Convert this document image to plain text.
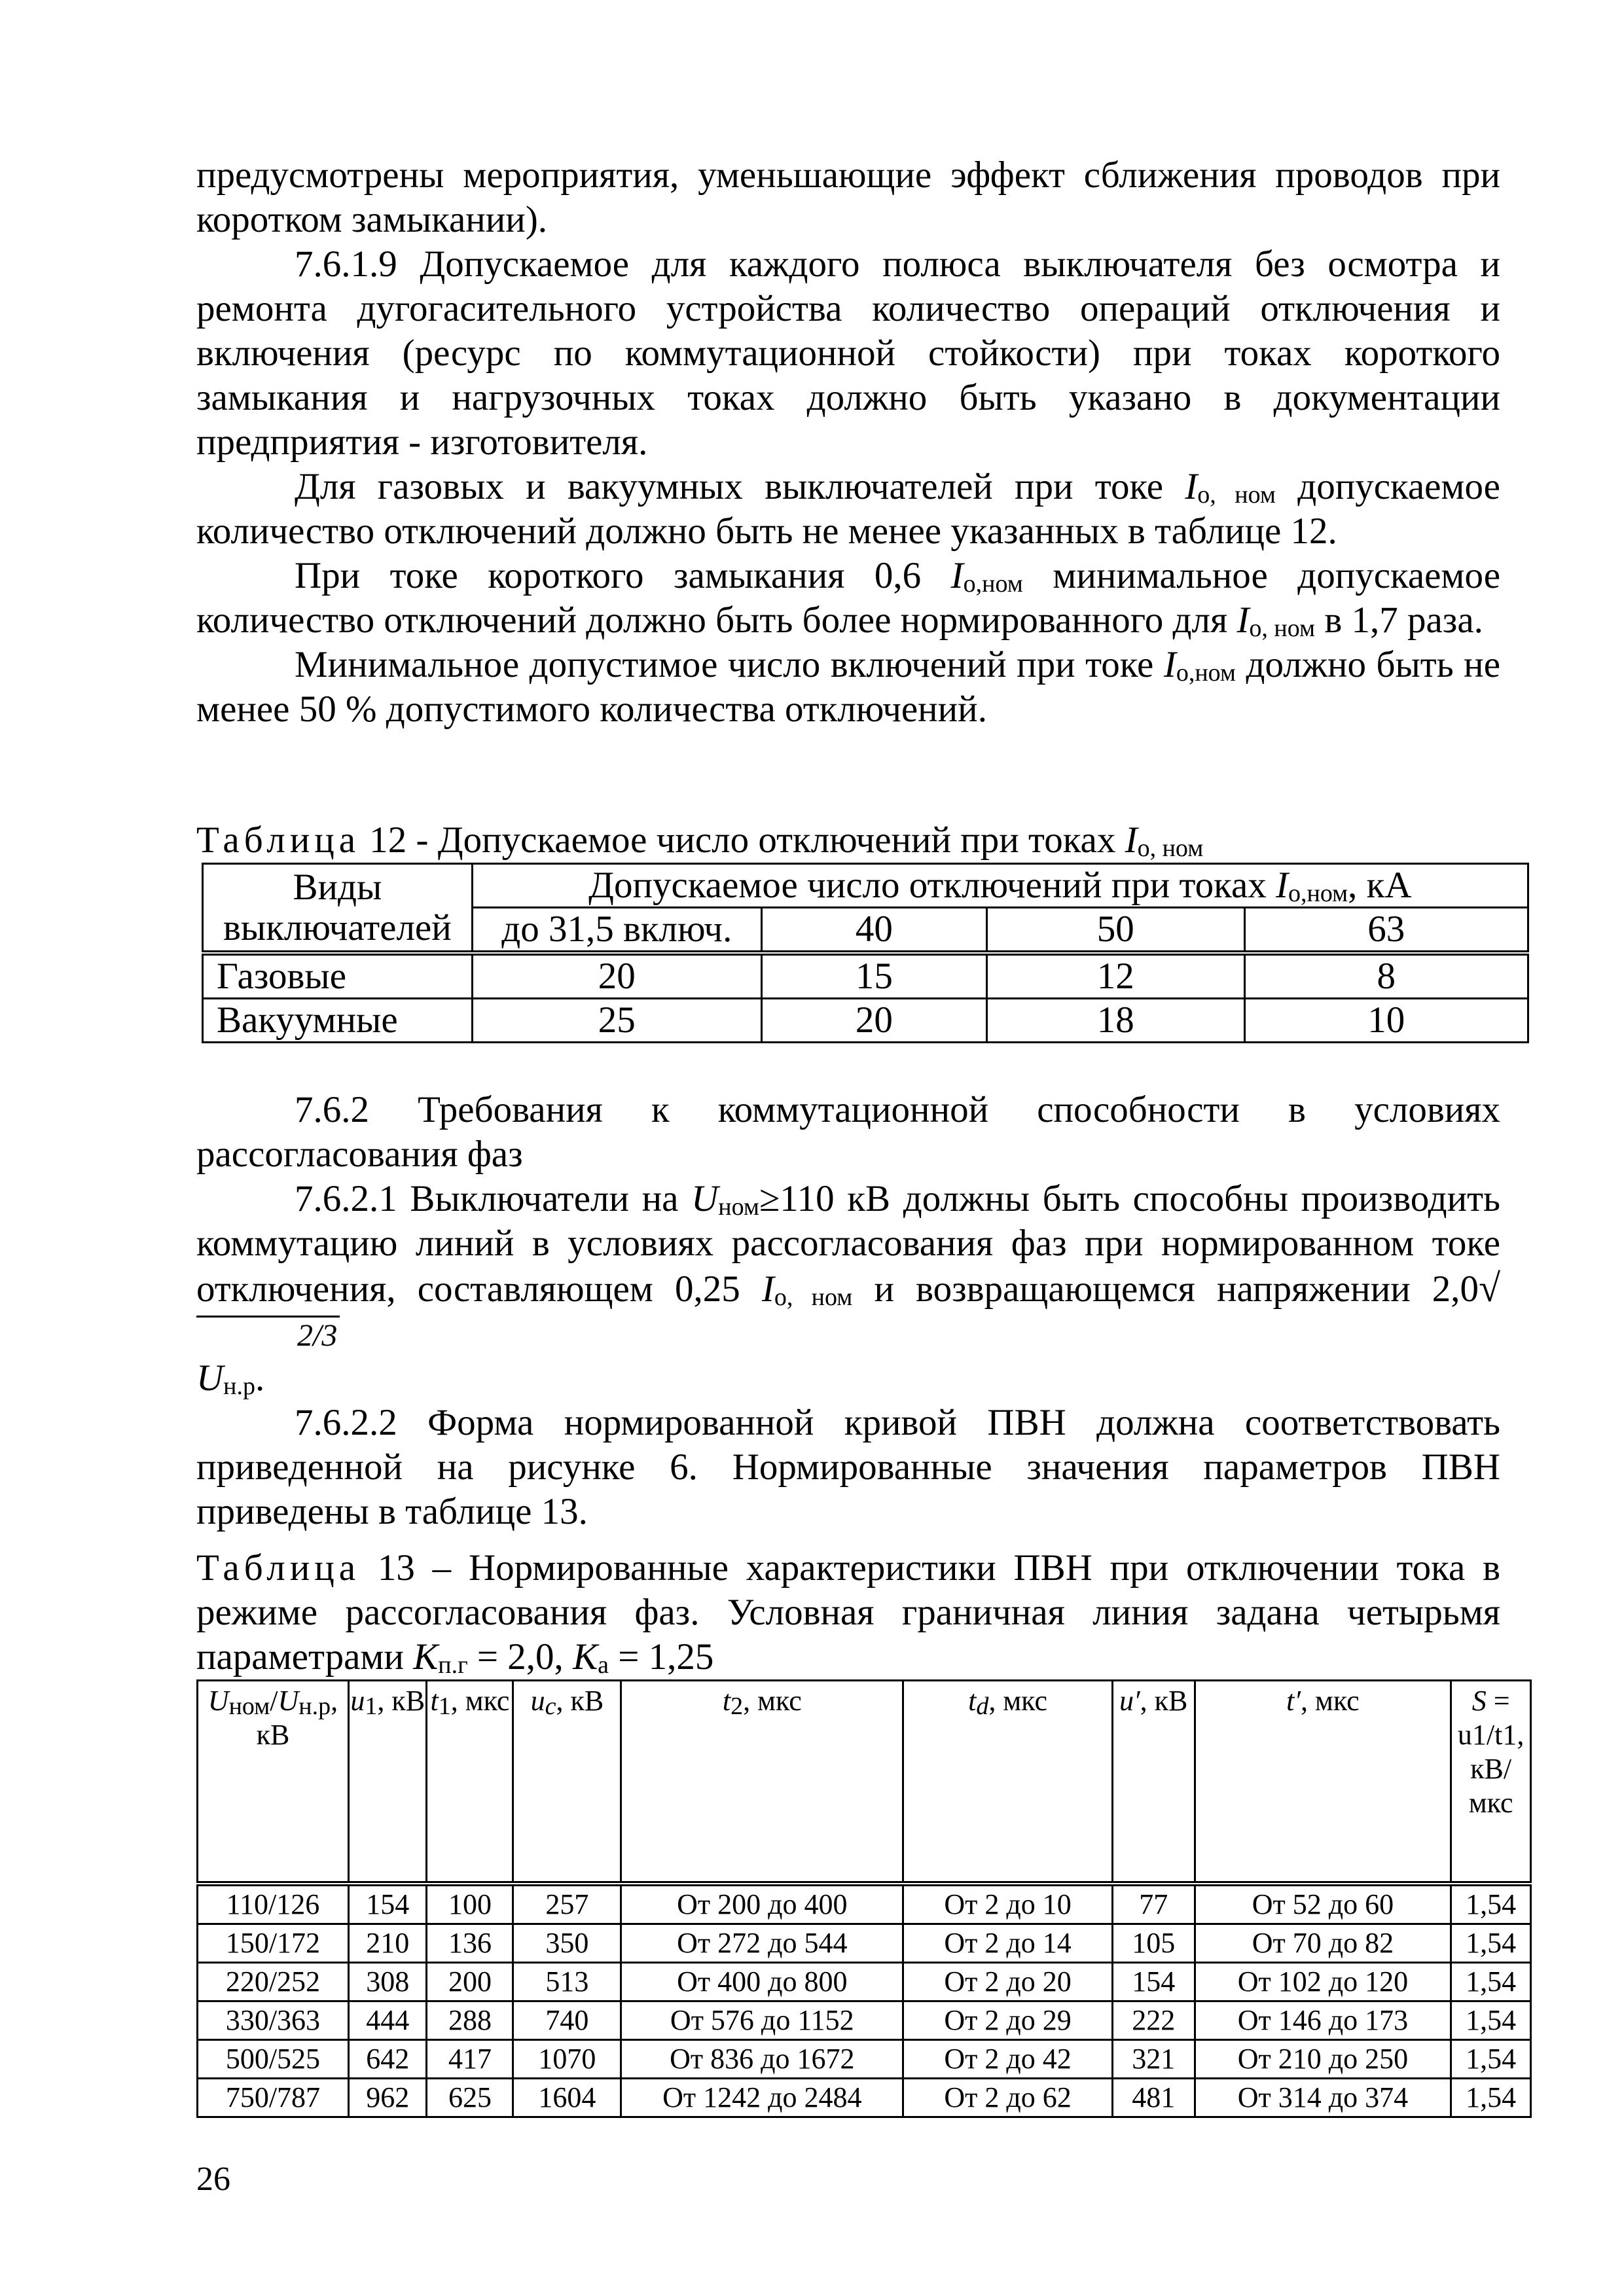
предусмотрены мероприятия, уменьшающие эффект сближения проводов при коротком замыкании).

7.6.1.9 Допускаемое для каждого полюса выключателя без осмотра и ремонта дугогасительного устройства количество операций отключения и включения (ресурс по коммутационной стойкости) при токах короткого замыкания и нагрузочных токах должно быть указано в документации предприятия - изготовителя.

Для газовых и вакуумных выключателей при токе $I_{о, ном}$ допускаемое количество отключений должно быть не менее указанных в таблице 12.

При токе короткого замыкания 0,6 $I_{о,ном}$ минимальное допускаемое количество отключений должно быть более нормированного для $I_{о, ном}$ в 1,7 раза.

Минимальное допустимое число включений при токе $I_{о,ном}$ должно быть не менее 50 % допустимого количества отключений.

Таблица 12 - Допускаемое число отключений при токах $I_{о, ном}$
Виды выключателей	Допускаемое число отключений при токах $I_{о,ном}$, кА			
	до 31,5 включ.	40	50	63
Газовые	20	15	12	8
Вакуумные	25	20	18	10

7.6.2 Требования к коммутационной способности в условиях рассогласования фаз

7.6.2.1 Выключатели на $U_{ном}\ge 110$ кВ должны быть способны производить коммутацию линий в условиях рассогласования фаз при нормированном токе отключения, составляющем 0,25 $I_{о, ном}$ и возвращающемся напряжении 2,0√2/3
$U_{н.р}$.

7.6.2.2 Форма нормированной кривой ПВН должна соответствовать приведенной на рисунке 6. Нормированные значения параметров ПВН приведены в таблице 13.

Таблица 13 – Нормированные характеристики ПВН при отключении тока в режиме рассогласования фаз. Условная граничная линия задана четырьмя параметрами $K_{п.г} = 2,0$, $K_а = 1,25$

$U_{ном}/U_{н.р}$, кВ	$u_1$, кВ	$t_1$, мкс	$u_c$, кВ	$t_2$, мкс	$t_d$, мкс	u′, кВ	t′, мкс	S = u1/t1, кВ/мкс
110/126	154	100	257	От 200 до 400	От 2 до 10	77	От 52 до 60	1,54
150/172	210	136	350	От 272 до 544	От 2 до 14	105	От 70 до 82	1,54
220/252	308	200	513	От 400 до 800	От 2 до 20	154	От 102 до 120	1,54
330/363	444	288	740	От 576 до 1152	От 2 до 29	222	От 146 до 173	1,54
500/525	642	417	1070	От 836 до 1672	От 2 до 42	321	От 210 до 250	1,54
750/787	962	625	1604	От 1242 до 2484	От 2 до 62	481	От 314 до 374	1,54
26
